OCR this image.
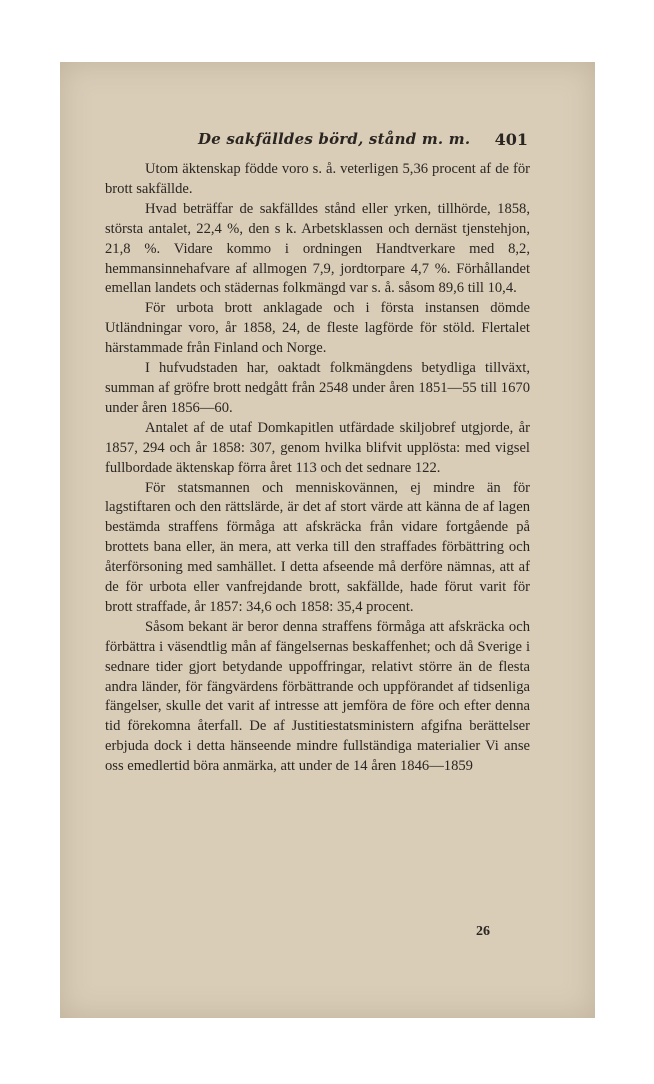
De sakfälldes börd, stånd m. m. 401

Utom äktenskap födde voro s. å. veterligen 5,36 procent af de för brott sakfällde.

Hvad beträffar de sakfälldes stånd eller yrken, tillhörde, 1858, största antalet, 22,4 %, den s k. Arbetsklassen och dernäst tjenstehjon, 21,8 %. Vidare kommo i ordningen Handtverkare med 8,2, hemmansinnehafvare af allmogen 7,9, jordtorpare 4,7 %. Förhållandet emellan landets och städernas folkmängd var s. å. såsom 89,6 till 10,4.

För urbota brott anklagade och i första instansen dömde Utländningar voro, år 1858, 24, de fleste lagförde för stöld. Flertalet härstammade från Finland och Norge.

I hufvudstaden har, oaktadt folkmängdens betydliga tillväxt, summan af gröfre brott nedgått från 2548 under åren 1851—55 till 1670 under åren 1856—60.

Antalet af de utaf Domkapitlen utfärdade skiljobref utgjorde, år 1857, 294 och år 1858: 307, genom hvilka blifvit upplösta: med vigsel fullbordade äktenskap förra året 113 och det sednare 122.

För statsmannen och menniskovännen, ej mindre än för lagstiftaren och den rättslärde, är det af stort värde att känna de af lagen bestämda straffens förmåga att afskräcka från vidare fortgående på brottets bana eller, än mera, att verka till den straffades förbättring och återförsoning med samhället. I detta afseende må derföre nämnas, att af de för urbota eller vanfrejdande brott, sakfällde, hade förut varit för brott straffade, år 1857: 34,6 och 1858: 35,4 procent.

Såsom bekant är beror denna straffens förmåga att afskräcka och förbättra i väsendtlig mån af fängelsernas beskaffenhet; och då Sverige i sednare tider gjort betydande uppoffringar, relativt större än de flesta andra länder, för fängvärdens förbättrande och uppförandet af tidsenliga fängelser, skulle det varit af intresse att jemföra de före och efter denna tid förekomna återfall. De af Justitiestatsministern afgifna berättelser erbjuda dock i detta hänseende mindre fullständiga materialier Vi anse oss emedlertid böra anmärka, att under de 14 åren 1846—1859

26
